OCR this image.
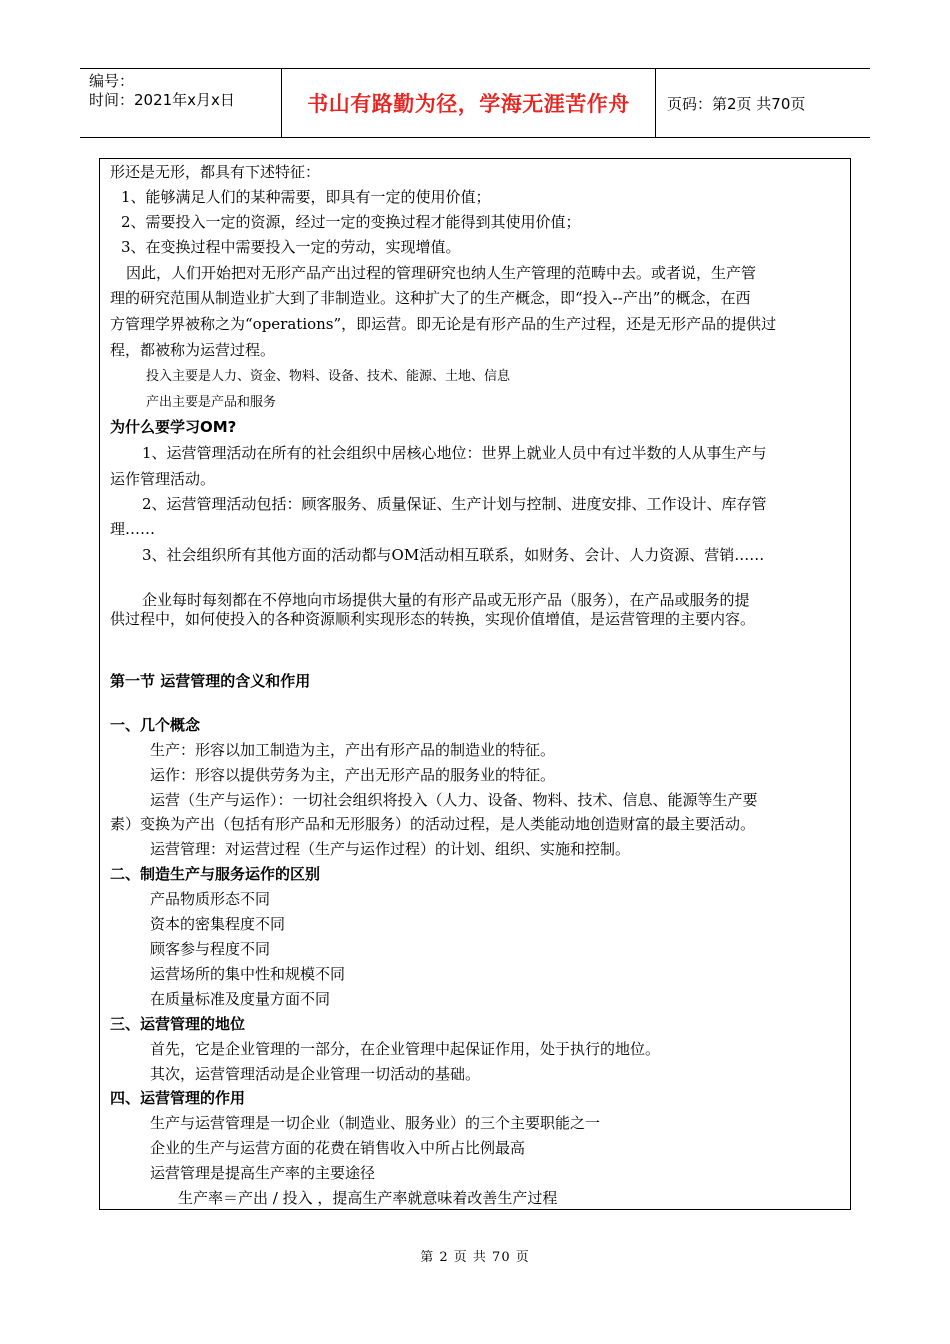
编号：
时间：2021年x月x日	书山有路勤为径，学海无涯苦作舟	页码：第2页 共70页
形还是无形，都具有下述特征：
1、能够满足人们的某种需要，即具有一定的使用价值；
2、需要投入一定的资源，经过一定的变换过程才能得到其使用价值；
3、在变换过程中需要投入一定的劳动，实现增值。
因此，人们开始把对无形产品产出过程的管理研究也纳人生产管理的范畴中去。或者说，生产管
理的研究范围从制造业扩大到了非制造业。这种扩大了的生产概念，即“投入--产出”的概念，在西
方管理学界被称之为“operations”，即运营。即无论是有形产品的生产过程，还是无形产品的提供过
程，都被称为运营过程。
投入主要是人力、资金、物料、设备、技术、能源、土地、信息
产出主要是产品和服务
为什么要学习OM?
1、运营管理活动在所有的社会组织中居核心地位：世界上就业人员中有过半数的人从事生产与
运作管理活动。
2、运营管理活动包括：顾客服务、质量保证、生产计划与控制、进度安排、工作设计、库存管
理……
3、社会组织所有其他方面的活动都与OM活动相互联系，如财务、会计、人力资源、营销……
企业每时每刻都在不停地向市场提供大量的有形产品或无形产品（服务），在产品或服务的提
供过程中，如何使投入的各种资源顺利实现形态的转换，实现价值增值，是运营管理的主要内容。
第一节 运营管理的含义和作用
一、几个概念
生产：形容以加工制造为主，产出有形产品的制造业的特征。
运作：形容以提供劳务为主，产出无形产品的服务业的特征。
运营（生产与运作）：一切社会组织将投入（人力、设备、物料、技术、信息、能源等生产要
素）变换为产出（包括有形产品和无形服务）的活动过程，是人类能动地创造财富的最主要活动。
运营管理：对运营过程（生产与运作过程）的计划、组织、实施和控制。
二、制造生产与服务运作的区别
产品物质形态不同
资本的密集程度不同
顾客参与程度不同
运营场所的集中性和规模不同
在质量标准及度量方面不同
三、运营管理的地位
首先，它是企业管理的一部分，在企业管理中起保证作用，处于执行的地位。
其次，运营管理活动是企业管理一切活动的基础。
四、运营管理的作用
生产与运营管理是一切企业（制造业、服务业）的三个主要职能之一
企业的生产与运营方面的花费在销售收入中所占比例最高
运营管理是提高生产率的主要途径
生产率＝产出 / 投入 ，提高生产率就意味着改善生产过程
第 2 页 共 70 页
